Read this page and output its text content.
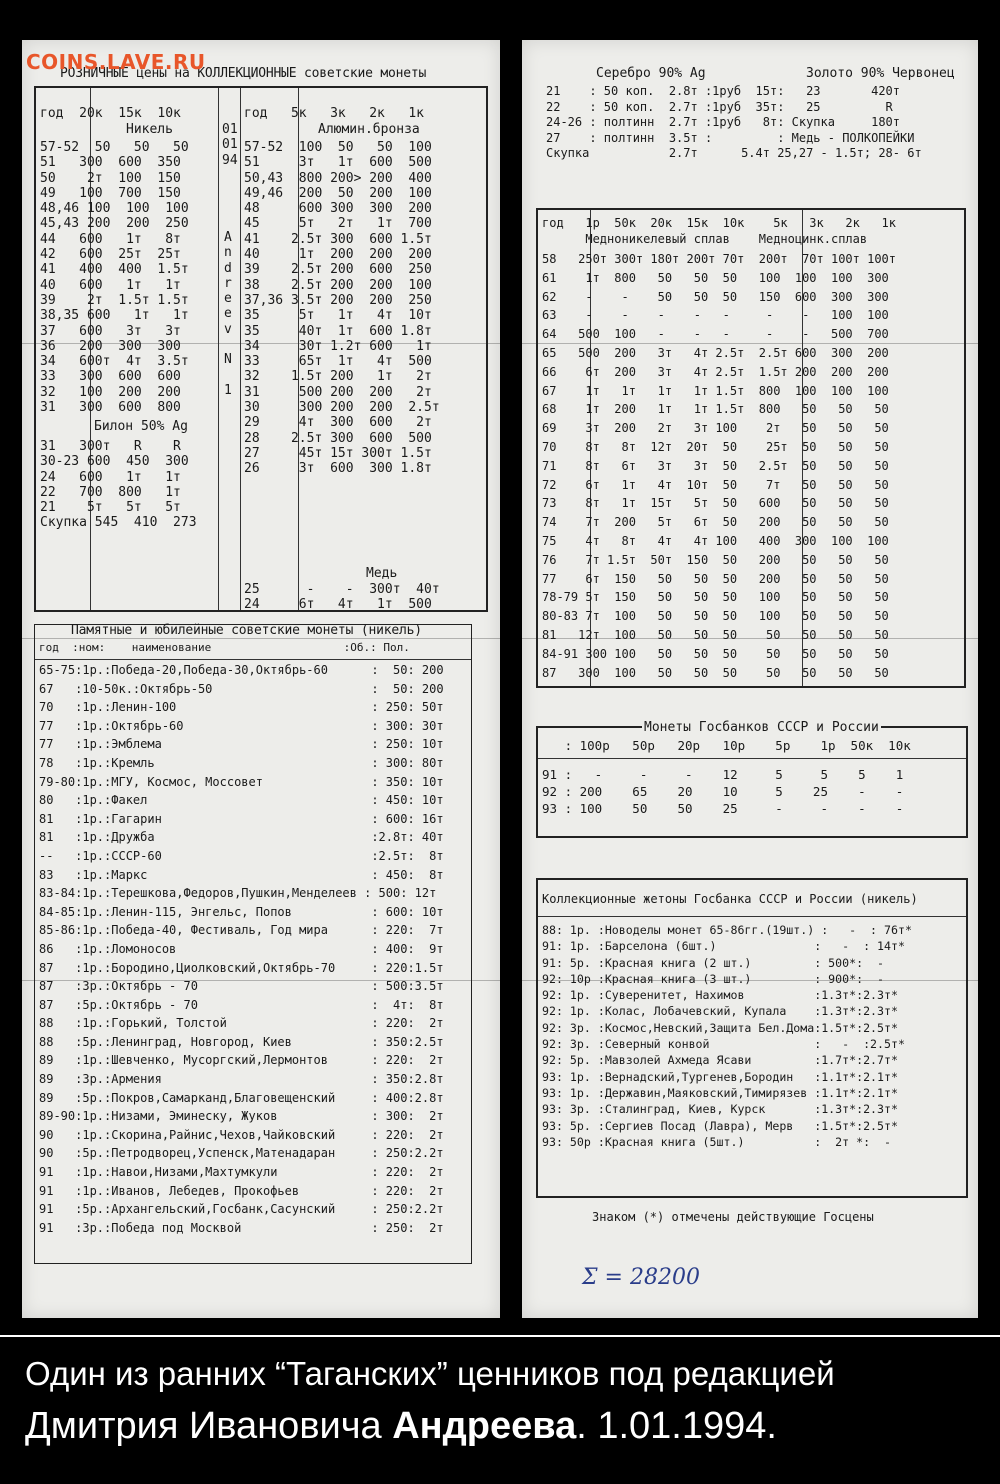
РОЗНИЧНЫЕ цены на КОЛЛЕКЦИОННЫЕ советские монеты
год  20к  15к  10к
Никель
57-52  50   50   50
51   300  600  350
50    2т  100  150
49   100  700  150
48,46 100  100  100
45,43 200  200  250
44   600   1т   8т
42   600  25т  25т
41   400  400  1.5т
40   600   1т   1т
39    2т  1.5т 1.5т
38,35 600   1т   1т
37   600   3т   3т
36   200  300  300
34   600т  4т  3.5т
33   300  600  600
32   100  200  200
31   300  600  800
Билон 50% Ag
31   300т   R    R
30-23 600  450  300
24   600   1т   1т
22   700  800   1т
21    5т   5т   5т
Скупка 545  410  273
01
01
94
A
n
d
r
e
e
v

N

1
год   5к   3к   2к   1к
Алюмин.бронза
57-52  100  50   50  100
51     3т   1т  600  500
50,43  800 200> 200  400
49,46  200  50  200  100
48     600 300  300  200
45     5т   2т   1т  700
41    2.5т 300  600 1.5т
40     1т  200  200  200
39    2.5т 200  600  250
38    2.5т 200  200  100
37,36 3.5т 200  200  250
35     5т   1т   4т  10т
35     40т  1т  600 1.8т
34     30т 1.2т 600   1т
33     65т  1т   4т  500
32    1.5т 200   1т   2т
31     500 200  200   2т
30     300 200  200  2.5т
29     4т  300  600   2т
28    2.5т 300  600  500
27     45т 15т 300т 1.5т
26     3т  600  300 1.8т
Медь
25      -    -  300т  40т
24     6т   4т   1т  500
Памятные и юбилейные советские монеты (никель)
год  :ном:    наименование                    :Об.: Пол.
65-75:1р.:Победа-20,Победа-30,Октябрь-60      :  50: 200
67   :10-50к.:Октябрь-50                      :  50: 200
70   :1р.:Ленин-100                           : 250: 50т
77   :1р.:Октябрь-60                          : 300: 30т
77   :1р.:Эмблема                             : 250: 10т
78   :1р.:Кремль                              : 300: 80т
79-80:1р.:МГУ, Космос, Моссовет               : 350: 10т
80   :1р.:Факел                               : 450: 10т
81   :1р.:Гагарин                             : 600: 16т
81   :1р.:Дружба                              :2.8т: 40т
--   :1р.:СССР-60                             :2.5т:  8т
83   :1р.:Маркс                               : 450:  8т
83-84:1р.:Терешкова,Федоров,Пушкин,Менделеев : 500: 12т
84-85:1р.:Ленин-115, Энгельс, Попов           : 600: 10т
85-86:1р.:Победа-40, Фестиваль, Год мира      : 220:  7т
86   :1р.:Ломоносов                           : 400:  9т
87   :1р.:Бородино,Циолковский,Октябрь-70     : 220:1.5т
87   :3р.:Октябрь - 70                        : 500:3.5т
87   :5р.:Октябрь - 70                        :  4т:  8т
88   :1р.:Горький, Толстой                    : 220:  2т
88   :5р.:Ленинград, Новгород, Киев           : 350:2.5т
89   :1р.:Шевченко, Мусоргский,Лермонтов      : 220:  2т
89   :3р.:Армения                             : 350:2.8т
89   :5р.:Покров,Самарканд,Благовещенский     : 400:2.8т
89-90:1р.:Низами, Эминеску, Жуков             : 300:  2т
90   :1р.:Скорина,Райнис,Чехов,Чайковский     : 220:  2т
90   :5р.:Петродворец,Успенск,Матенадаран     : 250:2.2т
91   :1р.:Навои,Низами,Махтумкули             : 220:  2т
91   :1р.:Иванов, Лебедев, Прокофьев          : 220:  2т
91   :5р.:Архангельский,Госбанк,Сасунский     : 250:2.2т
91   :3р.:Победа под Москвой                  : 250:  2т
Серебро 90% Ag	Золото 90% Червонец
21    : 50 коп.  2.8т :1руб  15т:   23       420т
22    : 50 коп.  2.7т :1руб  35т:   25         R
24-26 : полтинн  2.7т :1руб   8т: Скупка     180т
27    : полтинн  3.5т :         : Медь - ПОЛКОПЕЙКИ
Скупка           2.7т      5.4т 25,27 - 1.5т; 28- 6т
год   1р  50к  20к  15к  10к    5к   3к   2к   1к
Медноникелевый сплав    Медноцинк.сплав
58   250т 300т 180т 200т 70т  200т  70т 100т 100т
61    1т  800   50   50  50   100  100  100  300
62    -    -    50   50  50   150  600  300  300
63    -    -    -    -   -     -    -   100  100
64   500  100   -    -   -     -    -   500  700
65   500  200   3т   4т 2.5т  2.5т 600  300  200
66    6т  200   3т   4т 2.5т  1.5т 200  200  200
67    1т   1т   1т   1т 1.5т  800  100  100  100
68    1т  200   1т   1т 1.5т  800   50   50   50
69    3т  200   2т   3т 100    2т   50   50   50
70    8т   8т  12т  20т  50    25т  50   50   50
71    8т   6т   3т   3т  50   2.5т  50   50   50
72    6т   1т   4т  10т  50    7т   50   50   50
73    8т   1т  15т   5т  50   600   50   50   50
74    7т  200   5т   6т  50   200   50   50   50
75    4т   8т   4т   4т 100   400  300  100  100
76    7т 1.5т  50т  150  50   200   50   50   50
77    6т  150   50   50  50   200   50   50   50
78-79 5т  150   50   50  50   100   50   50   50
80-83 7т  100   50   50  50   100   50   50   50
81   12т  100   50   50  50    50   50   50   50
84-91 300 100   50   50  50    50   50   50   50
87   300  100   50   50  50    50   50   50   50
Монеты Госбанков СССР и России
: 100р   50р   20р   10р    5р    1р  50к  10к
91 :   -     -     -    12     5     5    5    1
92 : 200    65    20    10     5    25    -    -
93 : 100    50    50    25     -     -    -    -
Коллекционные жетоны Госбанка СССР и России (никель)
88: 1р. :Новоделы монет 65-86гг.(19шт.) :   -  : 76т*
91: 1р. :Барселона (6шт.)              :   -  : 14т*
91: 5р. :Красная книга (2 шт.)         : 500*:  -
92: 10р :Красная книга (3 шт.)         : 900*:  -
92: 1р. :Суверенитет, Нахимов          :1.3т*:2.3т*
92: 1р. :Колас, Лобачевский, Купала    :1.3т*:2.3т*
92: 3р. :Космос,Невский,Защита Бел.Дома:1.5т*:2.5т*
92: 3р. :Северный конвой               :   -  :2.5т*
92: 5р. :Мавзолей Ахмеда Ясави         :1.7т*:2.7т*
93: 1р. :Вернадский,Тургенев,Бородин   :1.1т*:2.1т*
93: 1р. :Державин,Маяковский,Тимирязев :1.1т*:2.1т*
93: 3р. :Сталинград, Киев, Курск       :1.3т*:2.3т*
93: 5р. :Сергиев Посад (Лавра), Мерв   :1.5т*:2.5т*
93: 50р :Красная книга (5шт.)          :  2т *:  -
Знаком (*) отмечены действующие Госцены
Σ = 28200
COINS.LAVE.RU
Один из ранних “Таганских” ценников под редакцией
Дмитрия Ивановича Андреева. 1.01.1994.
